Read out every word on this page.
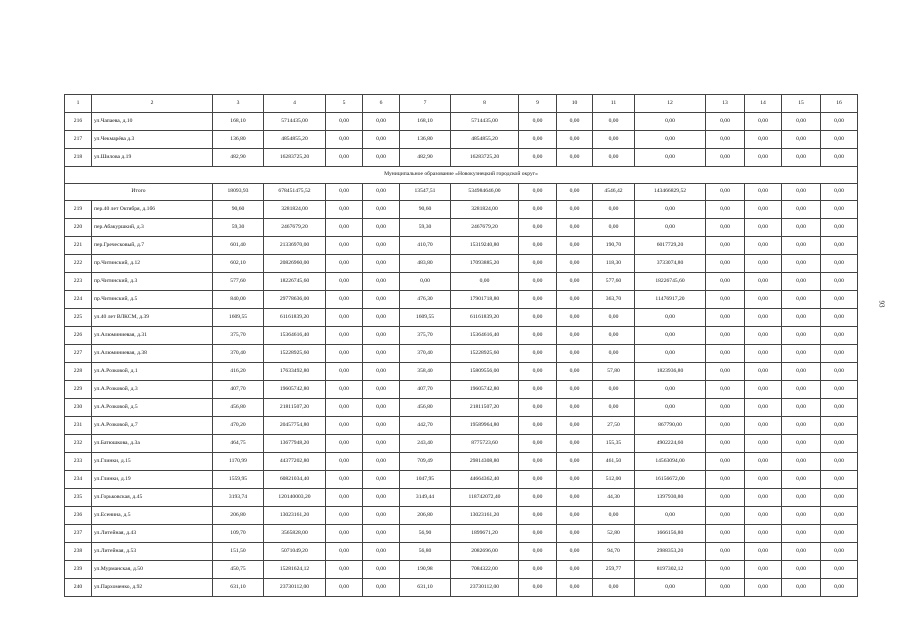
1	2	3	4	5	6	7	8	9	10	11	12	13	14	15	16
216	ул.Чапаева, д.10	168,10	5714435,00	0,00	0,00	168,10	5714435,00	0,00	0,00	0,00	0,00	0,00	0,00	0,00	0,00
217	ул.Чекмарёва д.3	136,80	4854855,20	0,00	0,00	136,80	4854855,20	0,00	0,00	0,00	0,00	0,00	0,00	0,00	0,00
218	ул.Шилова д.19	482,90	16283725,20	0,00	0,00	482,90	16283725,20	0,00	0,00	0,00	0,00	0,00	0,00	0,00	0,00
Муниципальное образование «Новокузнецкий городской округ»															
Итого		18093,93	678451475,52	0,00	0,00	13547,51	534984646,00	0,00	0,00	4546,42	143466829,52	0,00	0,00	0,00	0,00
219	пер.40 лет Октября, д.1б6	90,60	3281824,00	0,00	0,00	90,60	3281824,00	0,00	0,00	0,00	0,00	0,00	0,00	0,00	0,00
220	пер.Абакуршкий, д.3	59,30	2467679,20	0,00	0,00	59,30	2467679,20	0,00	0,00	0,00	0,00	0,00	0,00	0,00	0,00
221	пер.Греческовый, д.7	601,40	21336970,00	0,00	0,00	410,70	15319240,80	0,00	0,00	190,70	6017729,20	0,00	0,00	0,00	0,00
222	пр.Читинский, д.12	602,10	20826960,00	0,00	0,00	483,80	17093885,20	0,00	0,00	118,30	3733074,80	0,00	0,00	0,00	0,00
223	пр.Читинский, д.3	577,60	18226745,60	0,00	0,00	0,00	0,00	0,00	0,00	577,60	18226745,60	0,00	0,00	0,00	0,00
224	пр.Читинский, д.5	840,00	29778636,00	0,00	0,00	476,30	17901718,80	0,00	0,00	363,70	11476917,20	0,00	0,00	0,00	0,00
225	ул.40 лет ВЛКСМ, д.39	1609,55	61161839,20	0,00	0,00	1609,55	61161839,20	0,00	0,00	0,00	0,00	0,00	0,00	0,00	0,00
226	ул.Алюминиевая, д.31	375,70	15364616,40	0,00	0,00	375,70	15364616,40	0,00	0,00	0,00	0,00	0,00	0,00	0,00	0,00
227	ул.Алюминиевая, д.38	370,40	15228925,60	0,00	0,00	370,40	15228925,60	0,00	0,00	0,00	0,00	0,00	0,00	0,00	0,00
228	ул.А.Розковой, д.1	416,20	17633492,80	0,00	0,00	358,40	15809556,00	0,00	0,00	57,80	1823936,80	0,00	0,00	0,00	0,00
229	ул.А.Розковой, д.3	407,70	19605742,80	0,00	0,00	407,70	19605742,80	0,00	0,00	0,00	0,00	0,00	0,00	0,00	0,00
230	ул.А.Розковой, д.5	456,80	21811507,20	0,00	0,00	456,80	21811507,20	0,00	0,00	0,00	0,00	0,00	0,00	0,00	0,00
231	ул.А.Розковой, д.7	470,20	20457754,80	0,00	0,00	442,70	19589964,80	0,00	0,00	27,50	867790,00	0,00	0,00	0,00	0,00
232	ул.Батюшкова, д.3а	464,75	13677948,20	0,00	0,00	243,40	8775723,60	0,00	0,00	155,35	4902224,60	0,00	0,00	0,00	0,00
233	ул.Глинки, д.15	1170,99	44377202,80	0,00	0,00	709,49	29814308,80	0,00	0,00	461,50	14563094,00	0,00	0,00	0,00	0,00
234	ул.Глинки, д.19	1559,95	60821034,40	0,00	0,00	1047,95	44664362,40	0,00	0,00	512,00	16156672,00	0,00	0,00	0,00	0,00
235	ул.Горьковская, д.45	3193,74	120140003,20	0,00	0,00	3149,44	118742072,40	0,00	0,00	44,30	1397930,80	0,00	0,00	0,00	0,00
236	ул.Есенина, д.5	206,80	13023161,20	0,00	0,00	206,80	13023161,20	0,00	0,00	0,00	0,00	0,00	0,00	0,00	0,00
237	ул.Литейная, д.43	109,70	3565828,00	0,00	0,00	56,90	1899671,20	0,00	0,00	52,80	1666156,80	0,00	0,00	0,00	0,00
238	ул.Литейная, д.53	151,50	5071049,20	0,00	0,00	56,80	2082696,00	0,00	0,00	94,70	2988353,20	0,00	0,00	0,00	0,00
239	ул.Мурманская, д.50	450,75	15281624,12	0,00	0,00	190,98	7084322,00	0,00	0,00	259,77	8197302,12	0,00	0,00	0,00	0,00
240	ул.Пархоменко, д.92	631,10	23730112,00	0,00	0,00	631,10	23730112,00	0,00	0,00	0,00	0,00	0,00	0,00	0,00	0,00
93
